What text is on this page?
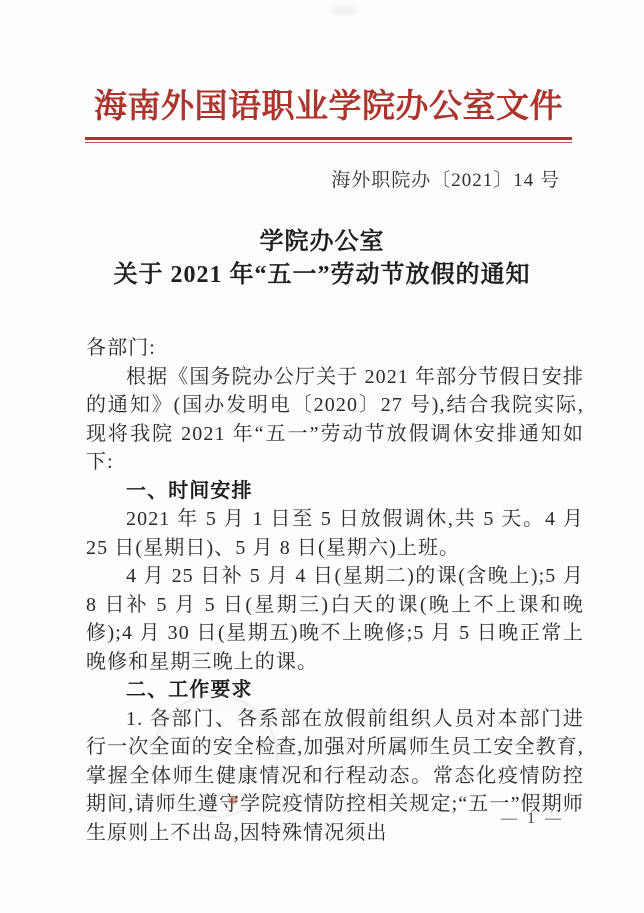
海南外国语职业学院办公室文件
海外职院办〔2021〕14 号
学院办公室
关于 2021 年“五一”劳动节放假的通知

各部门:

根据《国务院办公厅关于 2021 年部分节假日安排的通知》(国办发明电〔2020〕27 号),结合我院实际,现将我院 2021 年“五一”劳动节放假调休安排通知如下:

一、时间安排

2021 年 5 月 1 日至 5 日放假调休,共 5 天。4 月 25 日(星期日)、5 月 8 日(星期六)上班。

4 月 25 日补 5 月 4 日(星期二)的课(含晚上);5 月 8 日补 5 月 5 日(星期三)白天的课(晚上不上课和晚修);4 月 30 日(星期五)晚不上晚修;5 月 5 日晚正常上晚修和星期三晚上的课。

二、工作要求

1. 各部门、各系部在放假前组织人员对本部门进行一次全面的安全检查,加强对所属师生员工安全教育,掌握全体师生健康情况和行程动态。常态化疫情防控期间,请师生遵守学院疫情防控相关规定;“五一”假期师生原则上不出岛,因特殊情况须出

— 1 —
